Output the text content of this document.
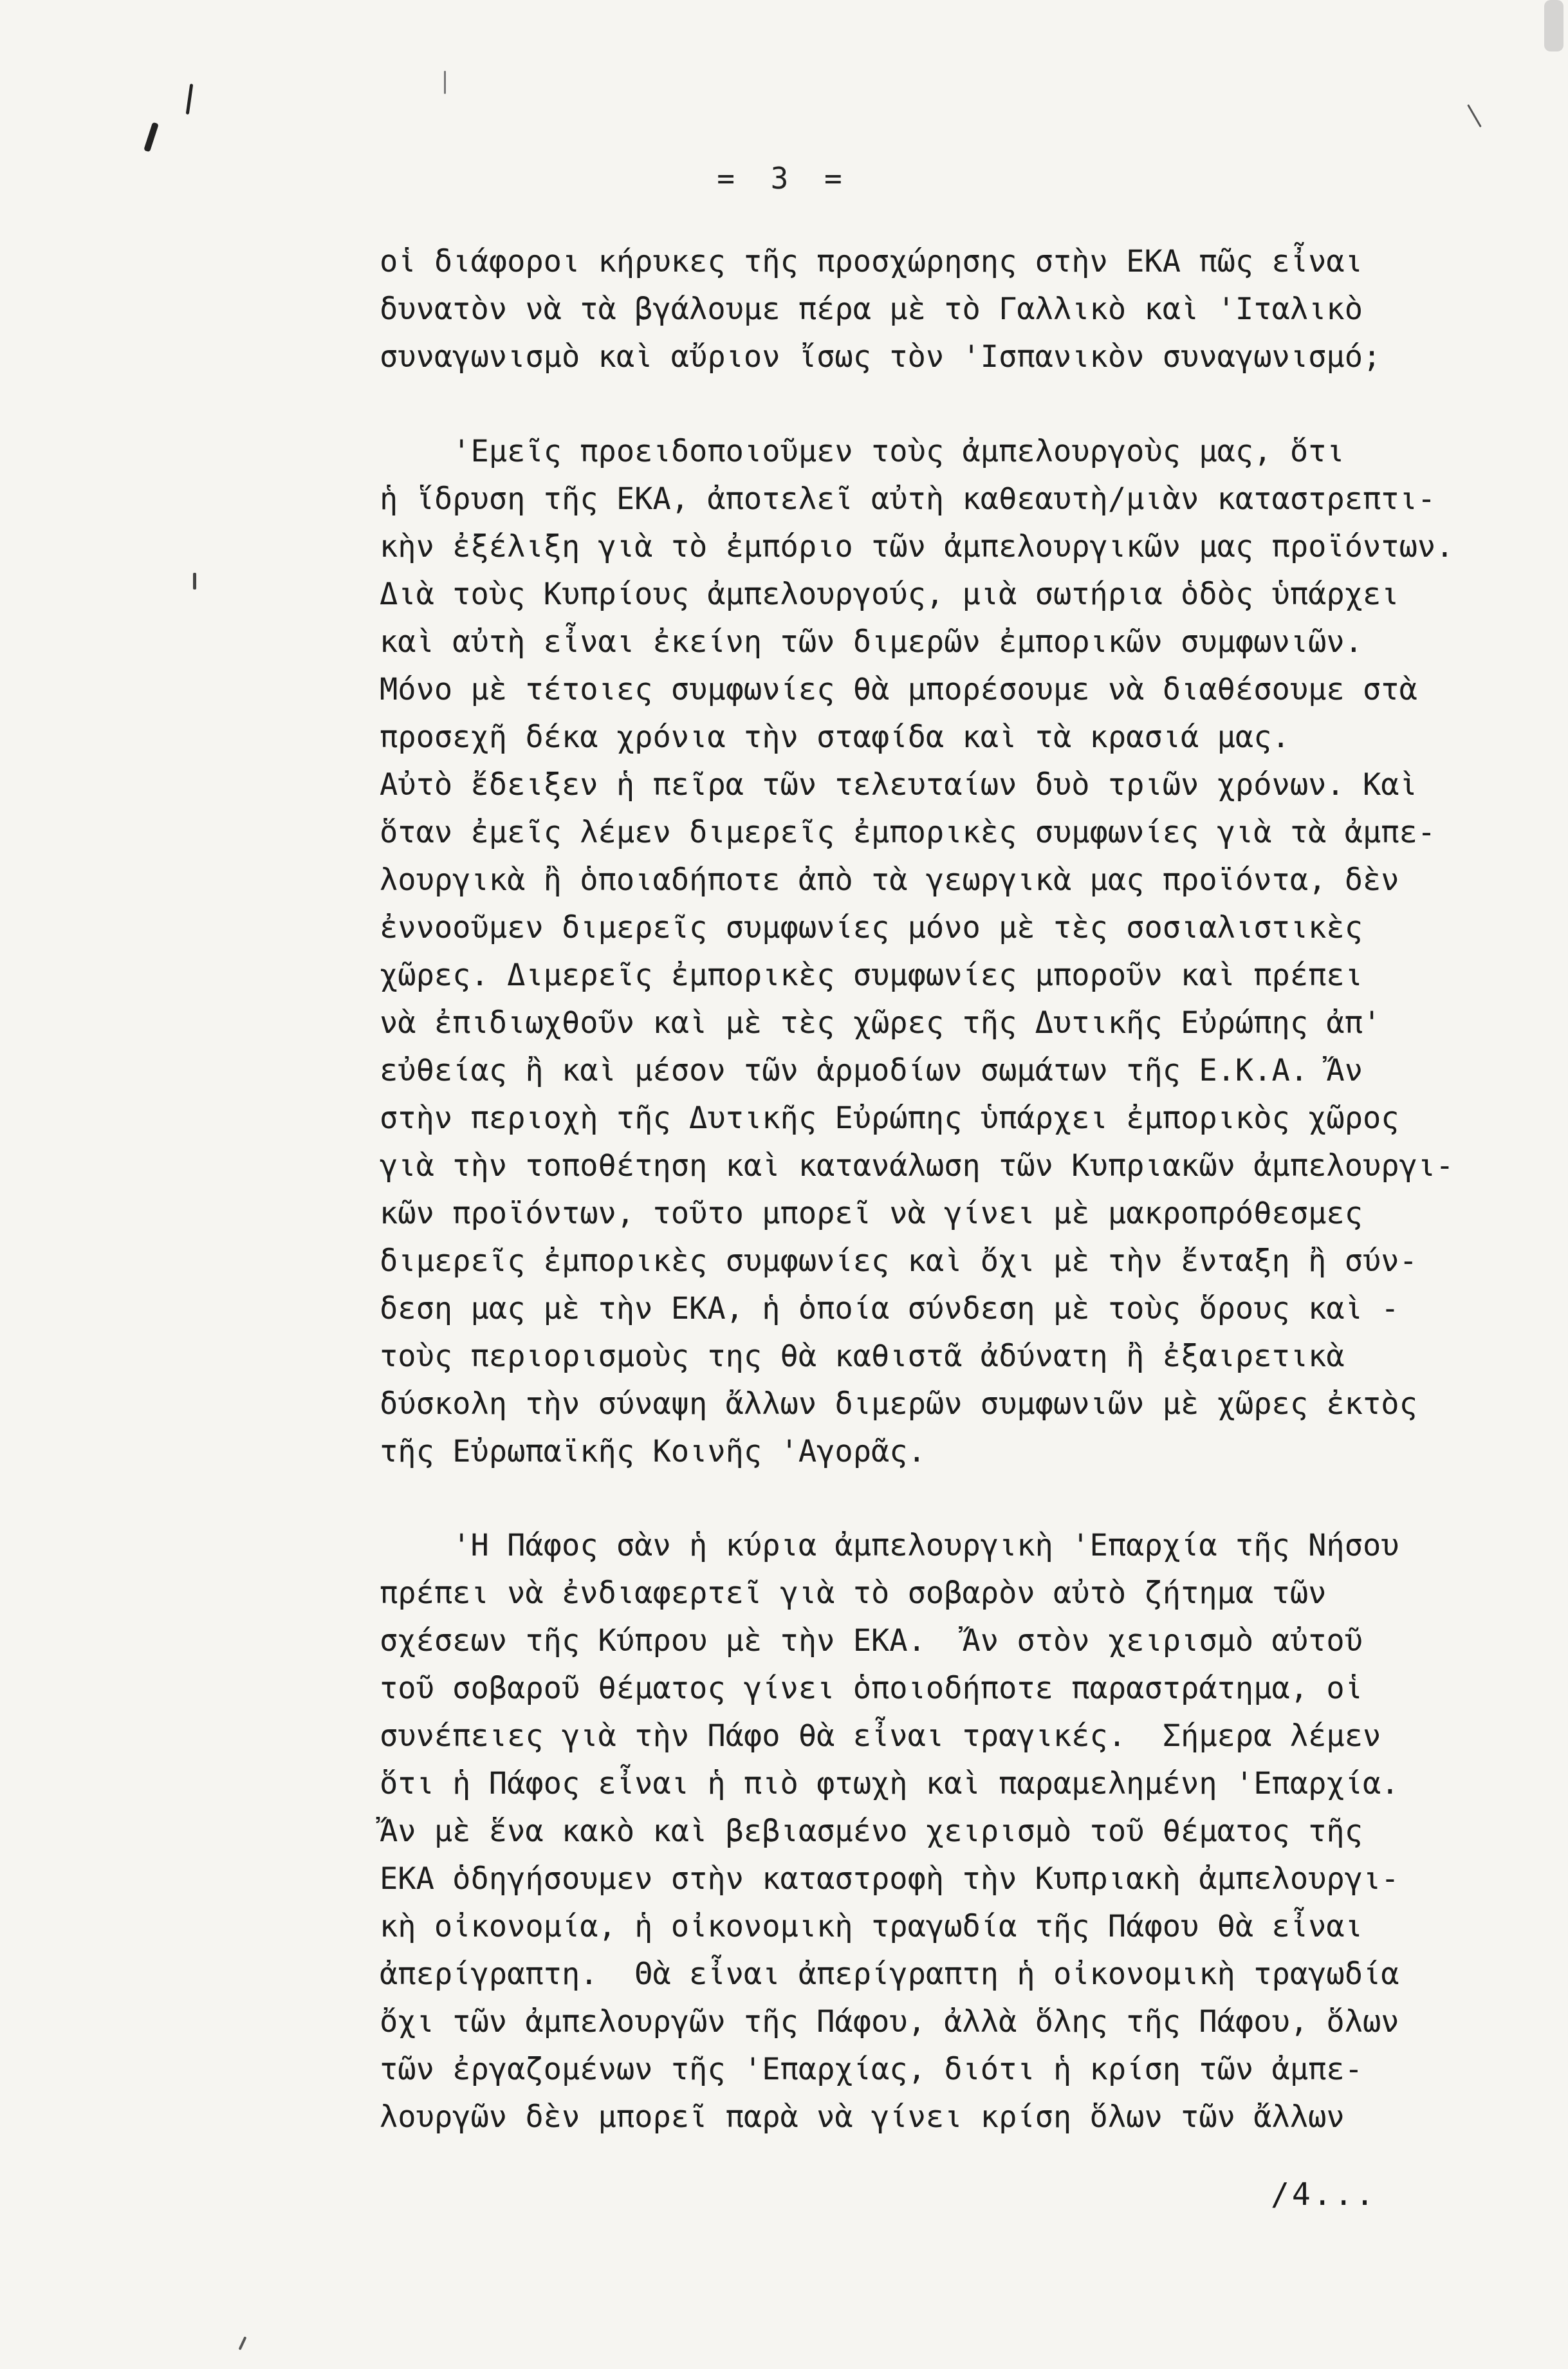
= 3 =
οἱ διάφοροι κήρυκες τῆς προσχώρησης στὴν ΕΚΑ πῶς εἶναι
δυνατὸν νὰ τὰ βγάλουμε πέρα μὲ τὸ Γαλλικὸ καὶ 'Ιταλικὸ
συναγωνισμὸ καὶ αὔριον ἴσως τὸν 'Ισπανικὸν συναγωνισμό;
'Εμεῖς προειδοποιοῦμεν τοὺς ἀμπελουργοὺς μας, ὅτι
ἡ ἵδρυση τῆς ΕΚΑ, ἀποτελεῖ αὐτὴ καθεαυτὴ/μιὰν καταστρεπτι-
κὴν ἐξέλιξη γιὰ τὸ ἐμπόριο τῶν ἀμπελουργικῶν μας προϊόντων.
Διὰ τοὺς Κυπρίους ἀμπελουργούς, μιὰ σωτήρια ὁδὸς ὑπάρχει
καὶ αὐτὴ εἶναι ἐκείνη τῶν διμερῶν ἐμπορικῶν συμφωνιῶν.
Μόνο μὲ τέτοιες συμφωνίες θὰ μπορέσουμε νὰ διαθέσουμε στὰ
προσεχῆ δέκα χρόνια τὴν σταφίδα καὶ τὰ κρασιά μας.
Αὐτὸ ἔδειξεν ἡ πεῖρα τῶν τελευταίων δυὸ τριῶν χρόνων. Καὶ
ὅταν ἐμεῖς λέμεν διμερεῖς ἐμπορικὲς συμφωνίες γιὰ τὰ ἀμπε-
λουργικὰ ἢ ὁποιαδήποτε ἀπὸ τὰ γεωργικὰ μας προϊόντα, δὲν
ἐννοοῦμεν διμερεῖς συμφωνίες μόνο μὲ τὲς σοσιαλιστικὲς
χῶρες. Διμερεῖς ἐμπορικὲς συμφωνίες μποροῦν καὶ πρέπει
νὰ ἐπιδιωχθοῦν καὶ μὲ τὲς χῶρες τῆς Δυτικῆς Εὐρώπης ἀπ'
εὐθείας ἢ καὶ μέσον τῶν ἁρμοδίων σωμάτων τῆς Ε.Κ.Α. Ἄν
στὴν περιοχὴ τῆς Δυτικῆς Εὐρώπης ὑπάρχει ἐμπορικὸς χῶρος
γιὰ τὴν τοποθέτηση καὶ κατανάλωση τῶν Κυπριακῶν ἀμπελουργι-
κῶν προϊόντων, τοῦτο μπορεῖ νὰ γίνει μὲ μακροπρόθεσμες
διμερεῖς ἐμπορικὲς συμφωνίες καὶ ὄχι μὲ τὴν ἔνταξη ἢ σύν-
δεση μας μὲ τὴν ΕΚΑ, ἡ ὁποία σύνδεση μὲ τοὺς ὅρους καὶ -
τοὺς περιορισμοὺς της θὰ καθιστᾶ ἀδύνατη ἢ ἐξαιρετικὰ
δύσκολη τὴν σύναψη ἄλλων διμερῶν συμφωνιῶν μὲ χῶρες ἐκτὸς
τῆς Εὐρωπαϊκῆς Κοινῆς 'Αγορᾶς.
'Η Πάφος σὰν ἡ κύρια ἀμπελουργικὴ 'Επαρχία τῆς Νήσου
πρέπει νὰ ἐνδιαφερτεῖ γιὰ τὸ σοβαρὸν αὐτὸ ζήτημα τῶν
σχέσεων τῆς Κύπρου μὲ τὴν ΕΚΑ.  Ἄν στὸν χειρισμὸ αὐτοῦ
τοῦ σοβαροῦ θέματος γίνει ὁποιοδήποτε παραστράτημα, οἱ
συνέπειες γιὰ τὴν Πάφο θὰ εἶναι τραγικές.  Σήμερα λέμεν
ὅτι ἡ Πάφος εἶναι ἡ πιὸ φτωχὴ καὶ παραμελημένη 'Επαρχία.
Ἄν μὲ ἕνα κακὸ καὶ βεβιασμένο χειρισμὸ τοῦ θέματος τῆς
ΕΚΑ ὁδηγήσουμεν στὴν καταστροφὴ τὴν Κυπριακὴ ἀμπελουργι-
κὴ οἰκονομία, ἡ οἰκονομικὴ τραγωδία τῆς Πάφου θὰ εἶναι
ἀπερίγραπτη.  Θὰ εἶναι ἀπερίγραπτη ἡ οἰκονομικὴ τραγωδία
ὄχι τῶν ἀμπελουργῶν τῆς Πάφου, ἀλλὰ ὅλης τῆς Πάφου, ὅλων
τῶν ἐργαζομένων τῆς 'Επαρχίας, διότι ἡ κρίση τῶν ἀμπε-
λουργῶν δὲν μπορεῖ παρὰ νὰ γίνει κρίση ὅλων τῶν ἄλλων
/4...
